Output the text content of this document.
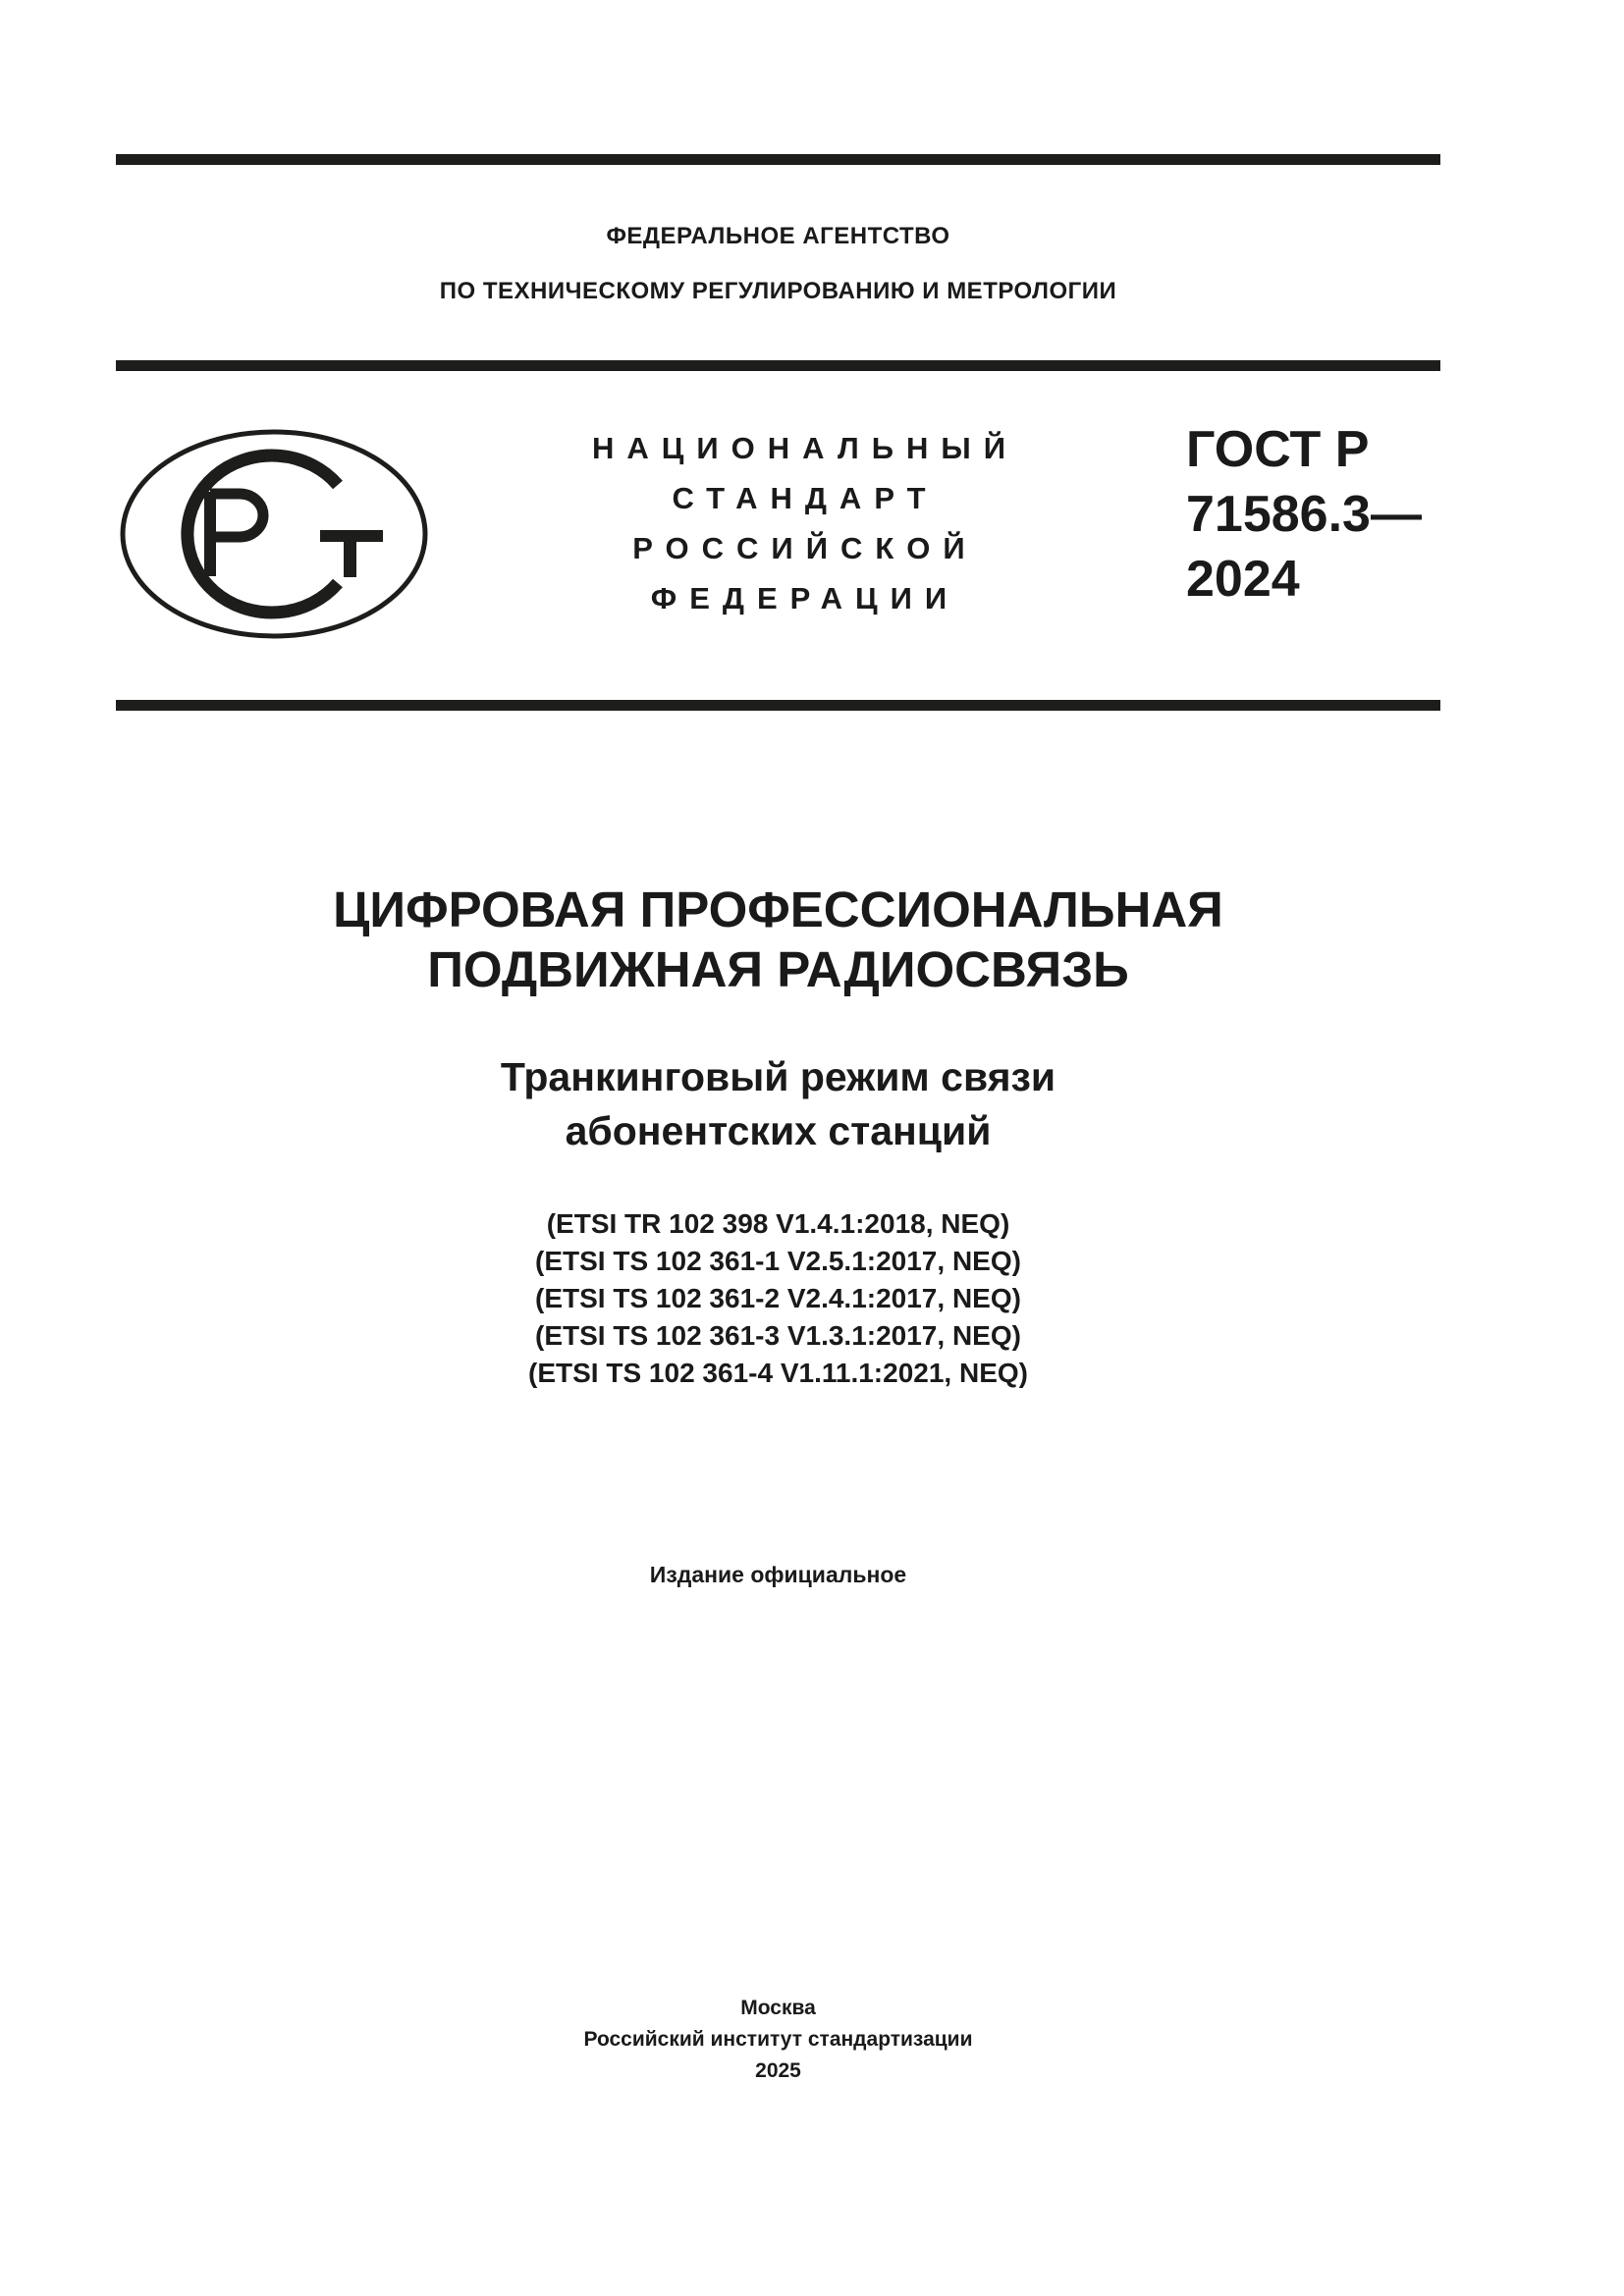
ФЕДЕРАЛЬНОЕ АГЕНТСТВО
ПО ТЕХНИЧЕСКОМУ РЕГУЛИРОВАНИЮ И МЕТРОЛОГИИ
НАЦИОНАЛЬНЫЙ
СТАНДАРТ
РОССИЙСКОЙ
ФЕДЕРАЦИИ
ГОСТ Р
71586.3—
2024
ЦИФРОВАЯ ПРОФЕССИОНАЛЬНАЯ
ПОДВИЖНАЯ РАДИОСВЯЗЬ
Транкинговый режим связи
абонентских станций
(ETSI TR 102 398 V1.4.1:2018, NEQ)
(ETSI TS 102 361-1 V2.5.1:2017, NEQ)
(ETSI TS 102 361-2 V2.4.1:2017, NEQ)
(ETSI TS 102 361-3 V1.3.1:2017, NEQ)
(ETSI TS 102 361-4 V1.11.1:2021, NEQ)
Издание официальное
Москва
Российский институт стандартизации
2025
